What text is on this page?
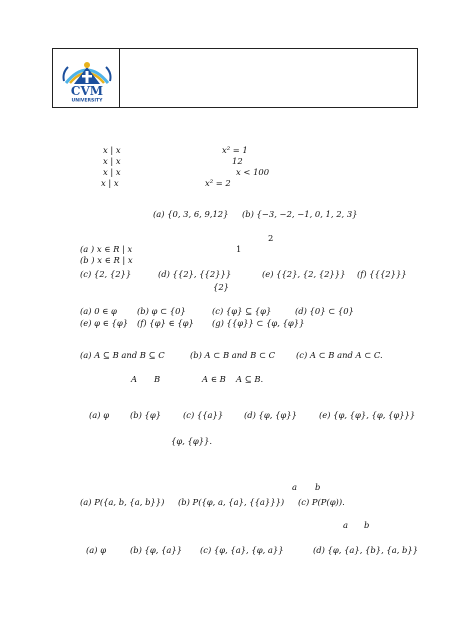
CVM
UNIVERSITY
x | x	x² = 1
x | x	12
x | x	x < 100
x | x	x² = 2
(a) {0, 3, 6, 9,12} (b) {−3, −2, −1, 0, 1, 2, 3}
2
(a ) x ∈ R | x	1
(b ) x ∈ R | x
(c) {2, {2}}	(d) {{2}, {{2}}}	(e) {{2}, {2, {2}}} (f) {{{2}}}
{2}
(a) 0 ∈ φ (b) φ ⊂ {0}	(c) {φ} ⊆ {φ}	(d) {0} ⊂ {0}
(e) φ ∈ {φ} (f) {φ} ∈ {φ} (g) {{φ}} ⊂ {φ, {φ}}
(a) A ⊆ B and B ⊆ C	(b) A ⊂ B and B ⊂ C (c) A ⊂ B and A ⊂ C.
A B	A ∈ B A ⊆ B.
(a) φ (b) {φ}	(c) {{a}} (d) {φ, {φ}}	(e) {φ, {φ}, {φ, {φ}}}
{φ, {φ}}.
a b
(a) P({a, b, {a, b}}) (b) P({φ, a, {a}, {{a}}}) (c) P(P(φ)).
a b
(a) φ	(b) {φ, {a}} (c) {φ, {a}, {φ, a}}	(d) {φ, {a}, {b}, {a, b}}
